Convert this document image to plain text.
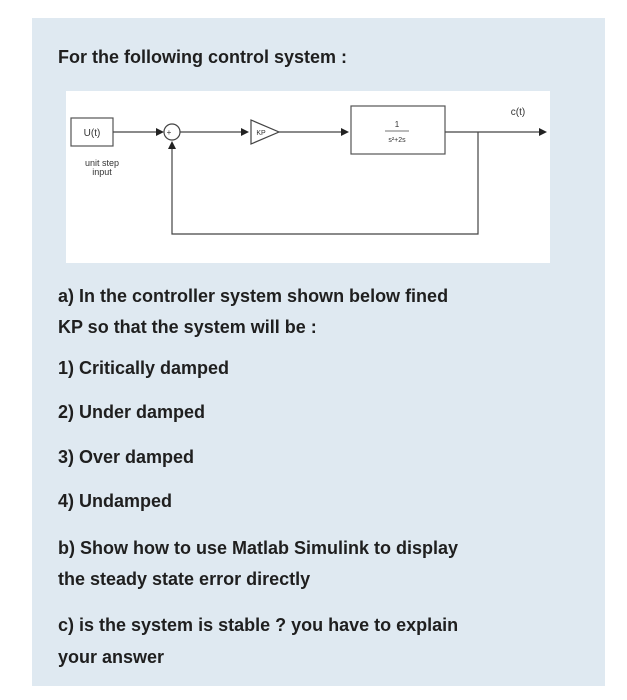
For the following control system :
U(t)
unit step
input
+	KP
1
s²+2s
c(t)
a) In the controller system shown below fined
KP so that the system will be :
1) Critically damped
2) Under damped
3) Over damped
4) Undamped
b) Show how to use Matlab Simulink to display
the steady state error directly
c) is the system is stable ? you have to explain
your answer
